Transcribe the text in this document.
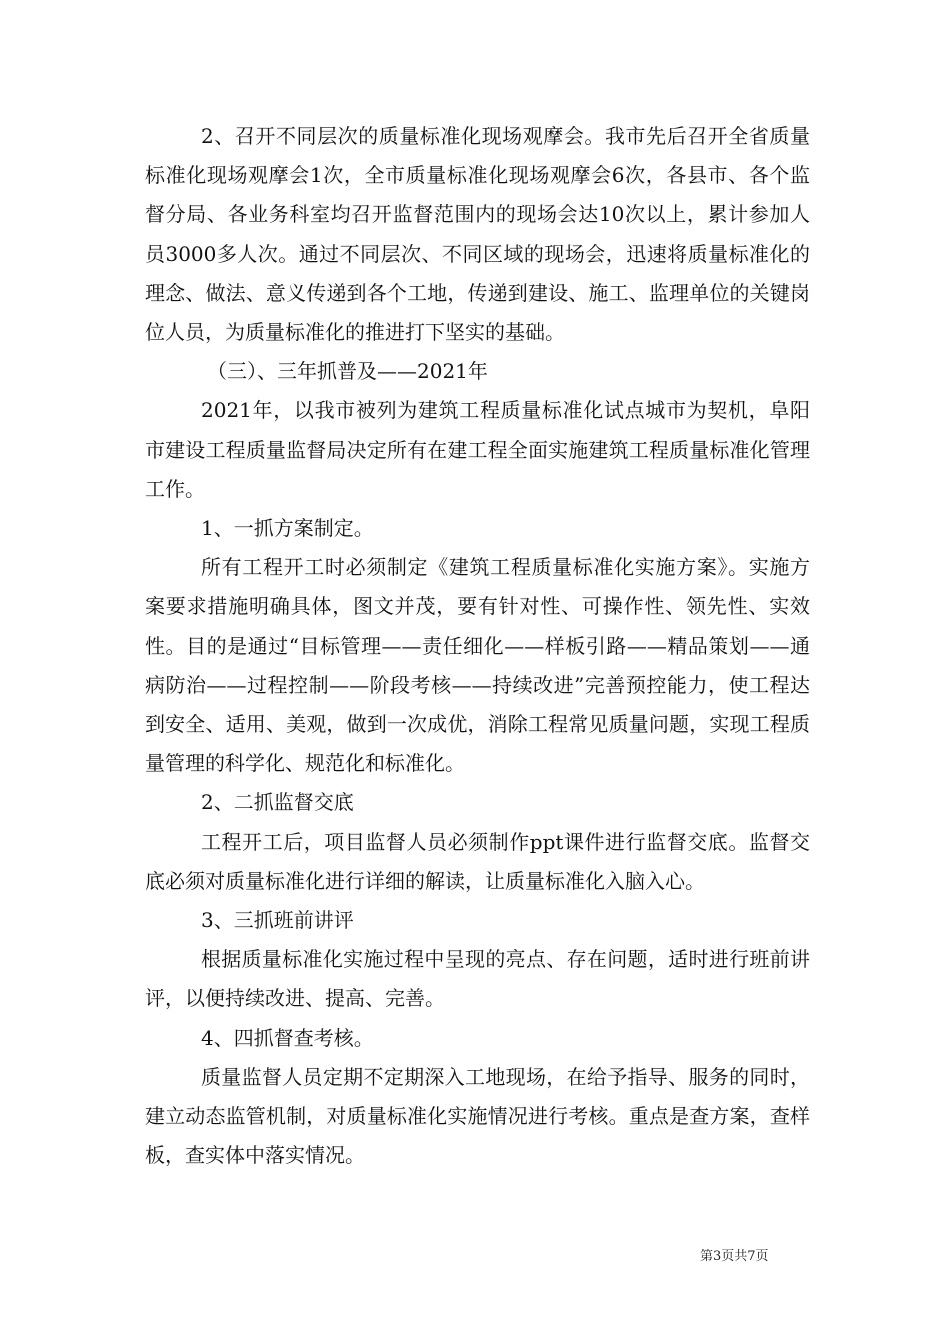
2、召开不同层次的质量标准化现场观摩会。我市先后召开全省质量标准化现场观摩会1次，全市质量标准化现场观摩会6次，各县市、各个监督分局、各业务科室均召开监督范围内的现场会达10次以上，累计参加人员3000多人次。通过不同层次、不同区域的现场会，迅速将质量标准化的理念、做法、意义传递到各个工地，传递到建设、施工、监理单位的关键岗位人员，为质量标准化的推进打下坚实的基础。

（三）、三年抓普及——2021年

2021年，以我市被列为建筑工程质量标准化试点城市为契机，阜阳市建设工程质量监督局决定所有在建工程全面实施建筑工程质量标准化管理工作。

1、一抓方案制定。

所有工程开工时必须制定《建筑工程质量标准化实施方案》。实施方案要求措施明确具体，图文并茂，要有针对性、可操作性、领先性、实效性。目的是通过“目标管理——责任细化——样板引路——精品策划——通病防治——过程控制——阶段考核——持续改进”完善预控能力，使工程达到安全、适用、美观，做到一次成优，消除工程常见质量问题，实现工程质量管理的科学化、规范化和标准化。

2、二抓监督交底

工程开工后，项目监督人员必须制作ppt课件进行监督交底。监督交底必须对质量标准化进行详细的解读，让质量标准化入脑入心。

3、三抓班前讲评

根据质量标准化实施过程中呈现的亮点、存在问题，适时进行班前讲评，以便持续改进、提高、完善。

4、四抓督查考核。

质量监督人员定期不定期深入工地现场，在给予指导、服务的同时，建立动态监管机制，对质量标准化实施情况进行考核。重点是查方案，查样板，查实体中落实情况。

第3页共7页
